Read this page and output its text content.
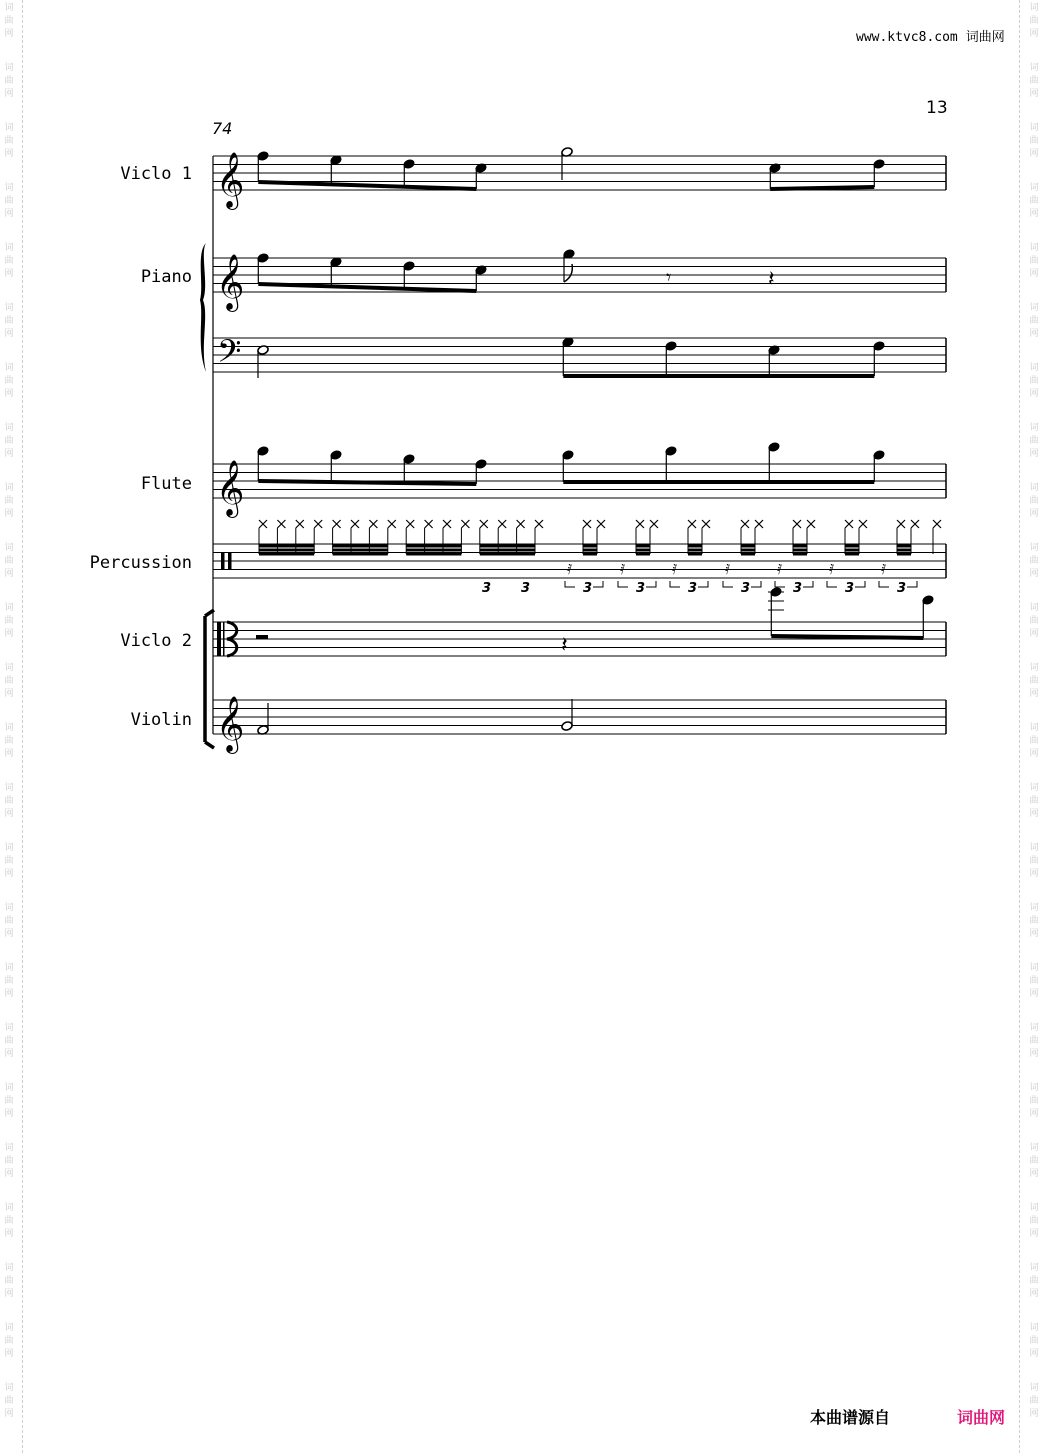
词
曲
网
词
曲
网
词
曲
网
词
曲
网
词
曲
网
词
曲
网
词
曲
网
词
曲
网
词
曲
网
词
曲
网
词
曲
网
词
曲
网
词
曲
网
词
曲
网
词
曲
网
词
曲
网
词
曲
网
词
曲
网
词
曲
网
词
曲
网
词
曲
网
词
曲
网
词
曲
网
词
曲
网
词
曲
网
词
曲
网
词
曲
网
词
曲
网
词
曲
网
词
曲
网
词
曲
网
词
曲
网
词
曲
网
词
曲
网
词
曲
网
词
曲
网
词
曲
网
词
曲
网
词
曲
网
词
曲
网
词
曲
网
词
曲
网
词
曲
网
词
曲
网
词
曲
网
词
曲
网
词
曲
网
词
曲
网
www.ktvc8.com 词曲网
13
Viclo 1
Piano
Flute
Percussion
Viclo 2
Violin
𝄞
𝄞
𝄢
𝄞
𝄞
𝄾	𝄽
𝅀
3
𝅀
3
𝅀
3
𝅀
3
𝅀
3
𝅀
3
𝅀
3
3 3
𝄽
74
本曲谱源自	词曲网
